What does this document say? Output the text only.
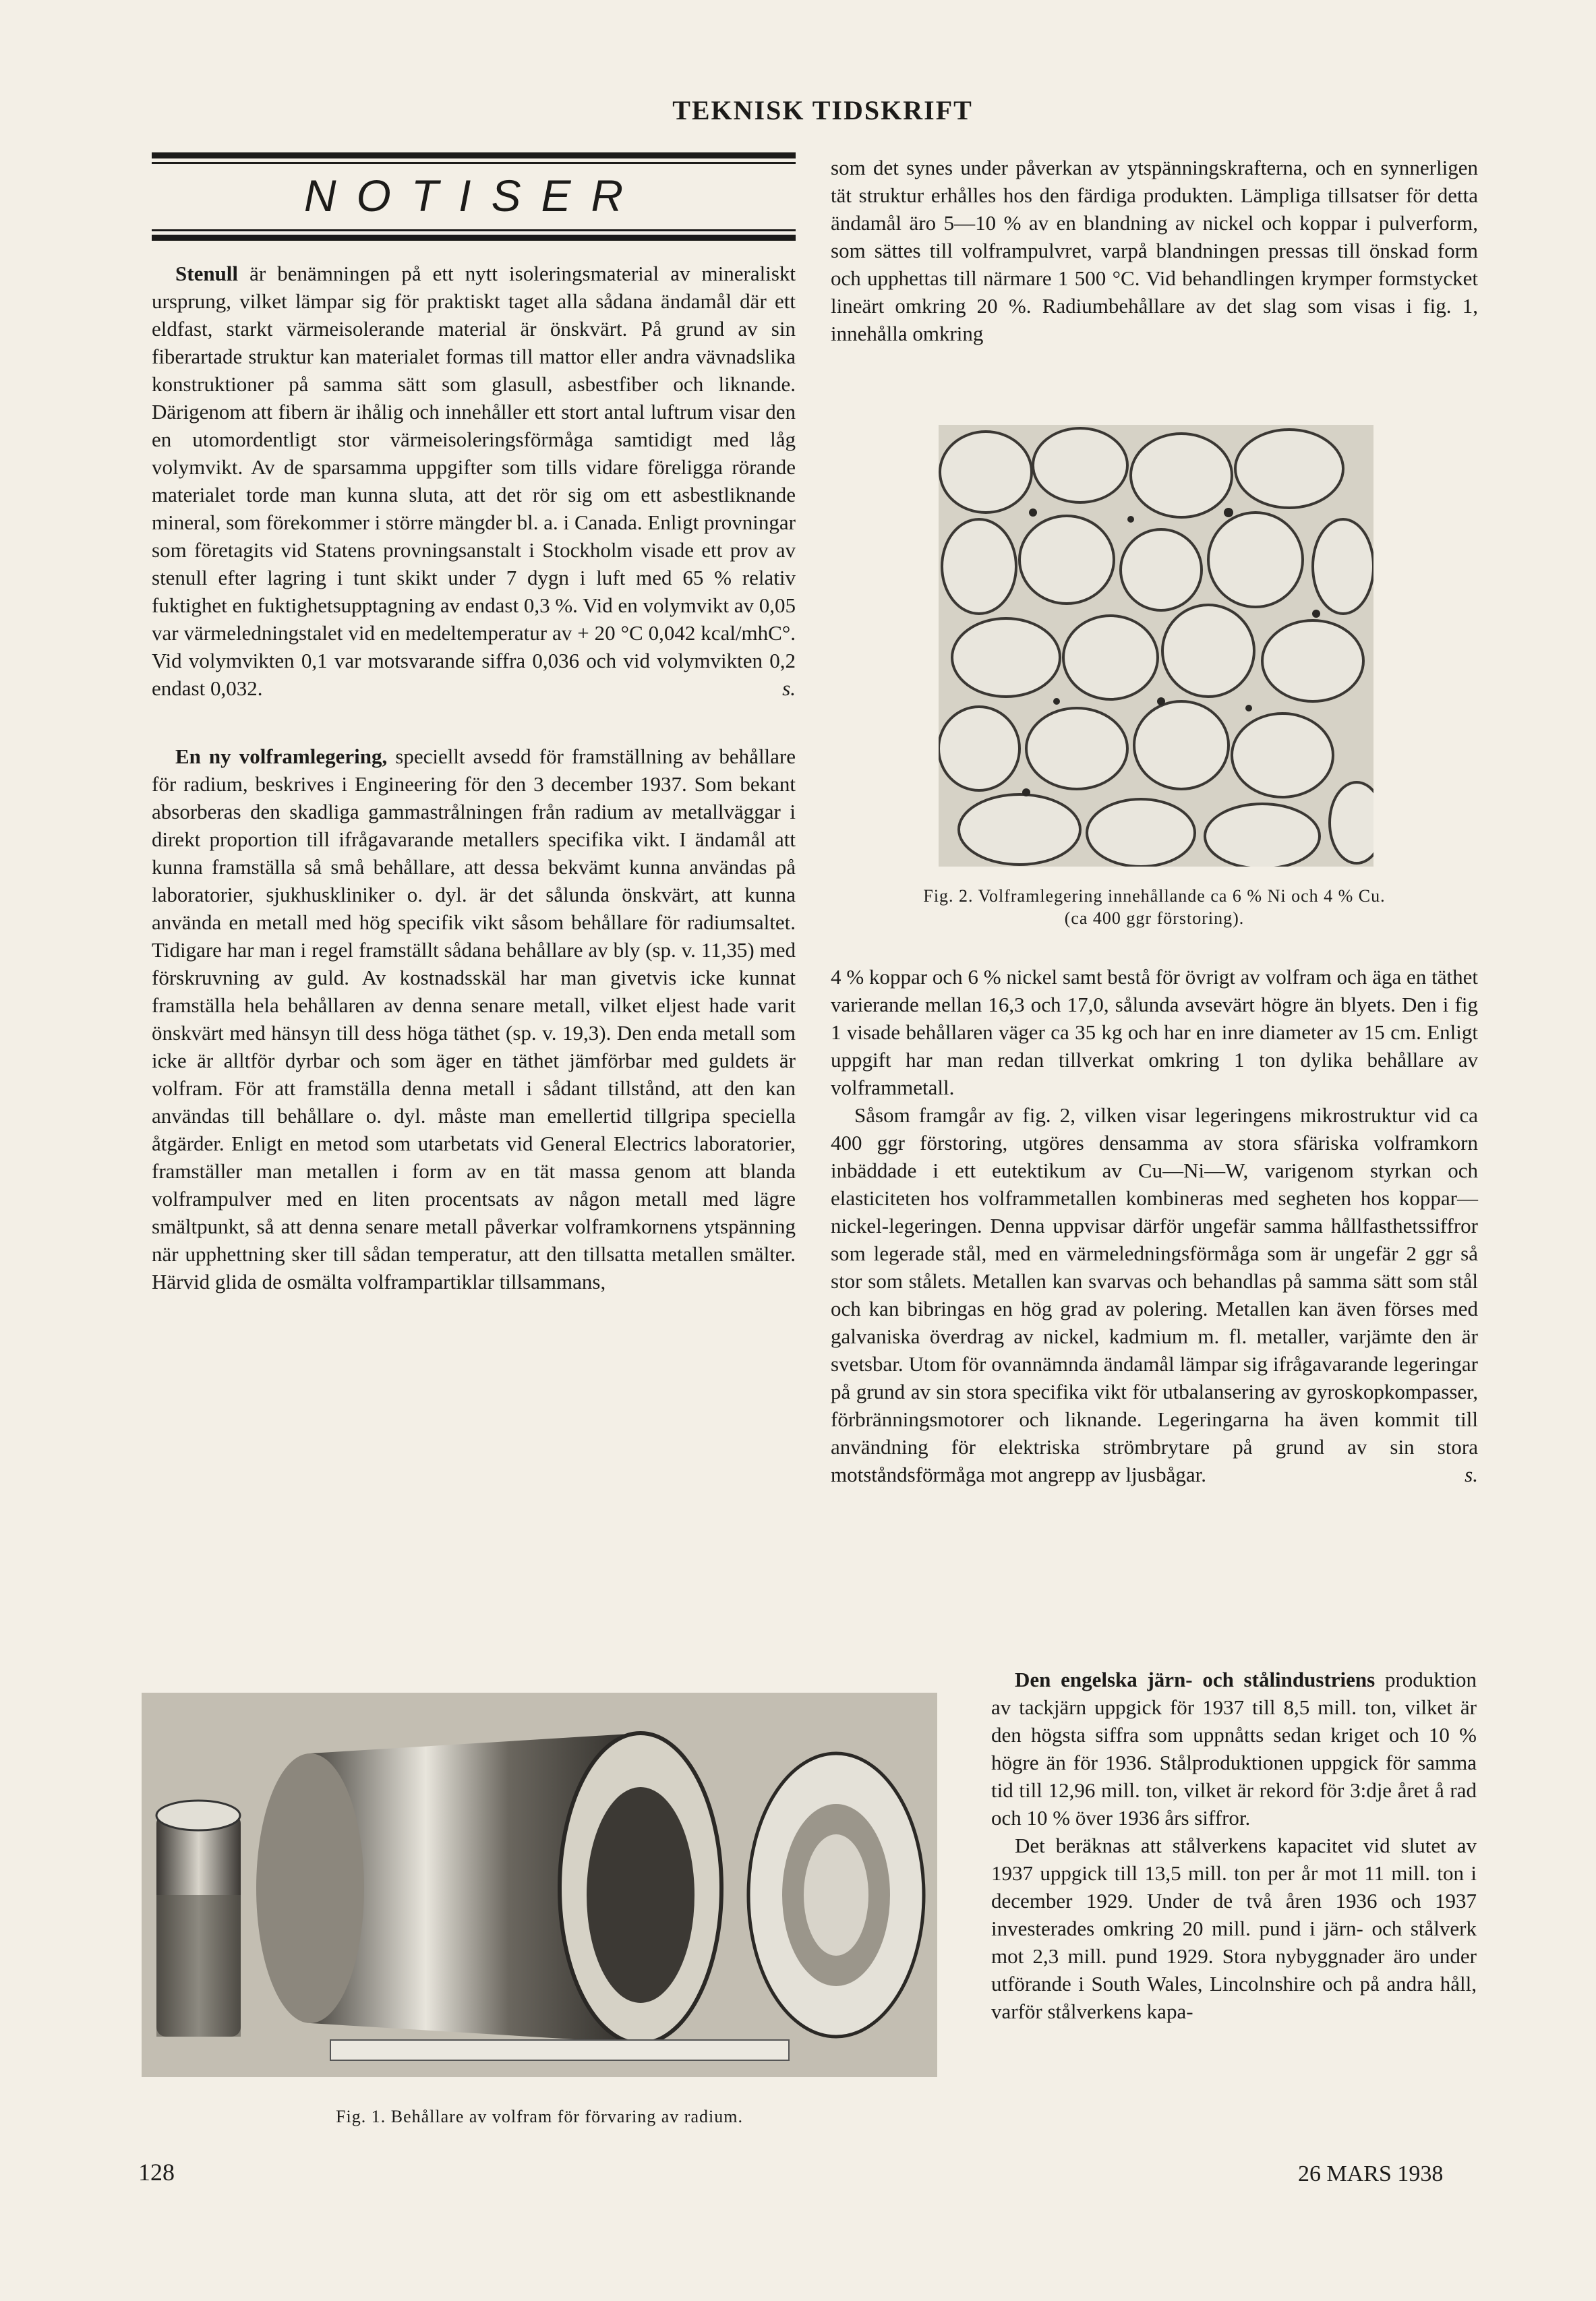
TEKNISK TIDSKRIFT
NOTISER

Stenull är benämningen på ett nytt isoleringsmaterial av mineraliskt ursprung, vilket lämpar sig för praktiskt taget alla sådana ändamål där ett eldfast, starkt värmeisolerande material är önskvärt. På grund av sin fiberartade struktur kan materialet formas till mattor eller andra vävnadslika konstruktioner på samma sätt som glasull, asbestfiber och liknande. Därigenom att fibern är ihålig och innehåller ett stort antal luftrum visar den en utomordentligt stor värmeisoleringsförmåga samtidigt med låg volymvikt. Av de sparsamma uppgifter som tills vidare föreligga rörande materialet torde man kunna sluta, att det rör sig om ett asbestliknande mineral, som förekommer i större mängder bl. a. i Canada. Enligt provningar som företagits vid Statens provningsanstalt i Stockholm visade ett prov av stenull efter lagring i tunt skikt under 7 dygn i luft med 65 % relativ fuktighet en fuktighetsupptagning av endast 0,3 %. Vid en volymvikt av 0,05 var värmeledningstalet vid en medeltemperatur av + 20 °C 0,042 kcal/mhC°. Vid volymvikten 0,1 var motsvarande siffra 0,036 och vid volymvikten 0,2 endast 0,032.	s.

En ny volframlegering, speciellt avsedd för framställning av behållare för radium, beskrives i Engineering för den 3 december 1937. Som bekant absorberas den skadliga gammastrålningen från radium av metallväggar i direkt proportion till ifrågavarande metallers specifika vikt. I ändamål att kunna framställa så små behållare, att dessa bekvämt kunna användas på laboratorier, sjukhuskliniker o. dyl. är det sålunda önskvärt, att kunna använda en metall med hög specifik vikt såsom behållare för radiumsaltet. Tidigare har man i regel framställt sådana behållare av bly (sp. v. 11,35) med förskruvning av guld. Av kostnadsskäl har man givetvis icke kunnat framställa hela behållaren av denna senare metall, vilket eljest hade varit önskvärt med hänsyn till dess höga täthet (sp. v. 19,3). Den enda metall som icke är alltför dyrbar och som äger en täthet jämförbar med guldets är volfram. För att framställa denna metall i sådant tillstånd, att den kan användas till behållare o. dyl. måste man emellertid tillgripa speciella åtgärder. Enligt en metod som utarbetats vid General Electrics laboratorier, framställer man metallen i form av en tät massa genom att blanda volframpulver med en liten procentsats av någon metall med lägre smältpunkt, så att denna senare metall påverkar volframkornens ytspänning när upphettning sker till sådan temperatur, att den tillsatta metallen smälter. Härvid glida de osmälta volframpartiklar tillsammans,

som det synes under påverkan av ytspänningskrafterna, och en synnerligen tät struktur erhålles hos den färdiga produkten. Lämpliga tillsatser för detta ändamål äro 5—10 % av en blandning av nickel och koppar i pulverform, som sättes till volframpulvret, varpå blandningen pressas till önskad form och upphettas till närmare 1 500 °C. Vid behandlingen krymper formstycket lineärt omkring 20 %. Radiumbehållare av det slag som visas i fig. 1, innehålla omkring

Fig. 2. Volframlegering innehållande ca 6 % Ni och 4 % Cu.
(ca 400 ggr förstoring).

4 % koppar och 6 % nickel samt bestå för övrigt av volfram och äga en täthet varierande mellan 16,3 och 17,0, sålunda avsevärt högre än blyets. Den i fig 1 visade behållaren väger ca 35 kg och har en inre diameter av 15 cm. Enligt uppgift har man redan tillverkat omkring 1 ton dylika behållare av volframmetall.

Såsom framgår av fig. 2, vilken visar legeringens mikrostruktur vid ca 400 ggr förstoring, utgöres densamma av stora sfäriska volframkorn inbäddade i ett eutektikum av Cu—Ni—W, varigenom styrkan och elasticiteten hos volframmetallen kombineras med segheten hos koppar—nickel-legeringen. Denna uppvisar därför ungefär samma hållfasthetssiffror som legerade stål, med en värmeledningsförmåga som är ungefär 2 ggr så stor som stålets. Metallen kan svarvas och behandlas på samma sätt som stål och kan bibringas en hög grad av polering. Metallen kan även förses med galvaniska överdrag av nickel, kadmium m. fl. metaller, varjämte den är svetsbar. Utom för ovannämnda ändamål lämpar sig ifrågavarande legeringar på grund av sin stora specifika vikt för utbalansering av gyroskopkompasser, förbränningsmotorer och liknande. Legeringarna ha även kommit till användning för elektriska strömbrytare på grund av sin stora motståndsförmåga mot angrepp av ljusbågar.	s.

Fig. 1. Behållare av volfram för förvaring av radium.

Den engelska järn- och stålindustriens produktion av tackjärn uppgick för 1937 till 8,5 mill. ton, vilket är den högsta siffra som uppnåtts sedan kriget och 10 % högre än för 1936. Stålproduktionen uppgick för samma tid till 12,96 mill. ton, vilket är rekord för 3:dje året å rad och 10 % över 1936 års siffror.

Det beräknas att stålverkens kapacitet vid slutet av 1937 uppgick till 13,5 mill. ton per år mot 11 mill. ton i december 1929. Under de två åren 1936 och 1937 investerades omkring 20 mill. pund i järn- och stålverk mot 2,3 mill. pund 1929. Stora nybyggnader äro under utförande i South Wales, Lincolnshire och på andra håll, varför stålverkens kapa-

128	26 MARS 1938
